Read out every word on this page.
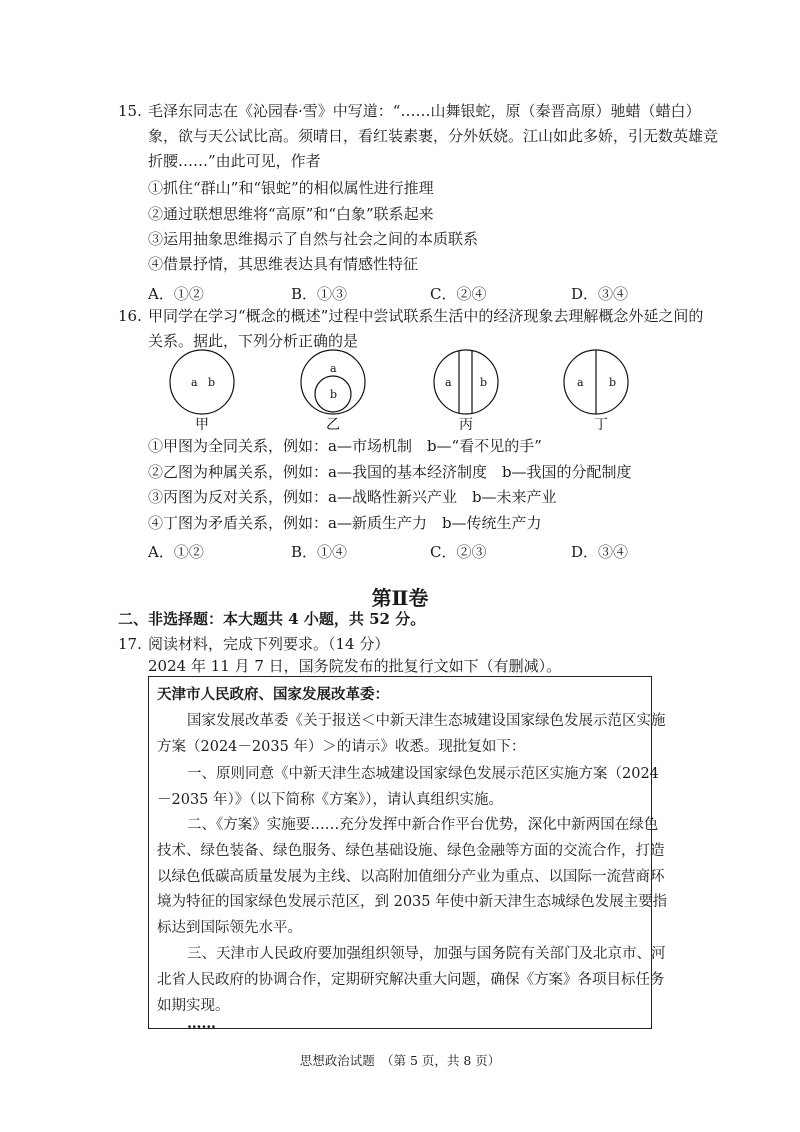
15. 毛泽东同志在《沁园春·雪》中写道：“……山舞银蛇，原（秦晋高原）驰蜡（蜡白）
象，欲与天公试比高。须晴日，看红装素裹，分外妖娆。江山如此多娇，引无数英雄竞
折腰……”由此可见，作者
①抓住“群山”和“银蛇”的相似属性进行推理
②通过联想思维将“高原”和“白象”联系起来
③运用抽象思维揭示了自然与社会之间的本质联系
④借景抒情，其思维表达具有情感性特征
A．①②	B．①③	C．②④	D．③④
16. 甲同学在学习“概念的概述”过程中尝试联系生活中的经济现象去理解概念外延之间的
关系。据此，下列分析正确的是
a b
甲
a
b
乙
a	b
丙
a b
丁
①甲图为全同关系，例如：a—市场机制　b—“看不见的手”
②乙图为种属关系，例如：a—我国的基本经济制度　b—我国的分配制度
③丙图为反对关系，例如：a—战略性新兴产业　b—未来产业
④丁图为矛盾关系，例如：a—新质生产力　b—传统生产力
A．①②	B．①④	C．②③	D．③④
第Ⅱ卷
二、非选择题：本大题共 4 小题，共 52 分。
17. 阅读材料，完成下列要求。（14 分）
2024 年 11 月 7 日，国务院发布的批复行文如下（有删减）。
天津市人民政府、国家发展改革委：
国家发展改革委《关于报送＜中新天津生态城建设国家绿色发展示范区实施
方案（2024－2035 年）＞的请示》收悉。现批复如下：
一、原则同意《中新天津生态城建设国家绿色发展示范区实施方案（2024
－2035 年）》（以下简称《方案》），请认真组织实施。
二、《方案》实施要……充分发挥中新合作平台优势，深化中新两国在绿色
技术、绿色装备、绿色服务、绿色基础设施、绿色金融等方面的交流合作，打造
以绿色低碳高质量发展为主线、以高附加值细分产业为重点、以国际一流营商环
境为特征的国家绿色发展示范区，到 2035 年使中新天津生态城绿色发展主要指
标达到国际领先水平。
三、天津市人民政府要加强组织领导，加强与国务院有关部门及北京市、河
北省人民政府的协调合作，定期研究解决重大问题，确保《方案》各项目标任务
如期实现。
……
思想政治试题　（第 5 页，共 8 页）
